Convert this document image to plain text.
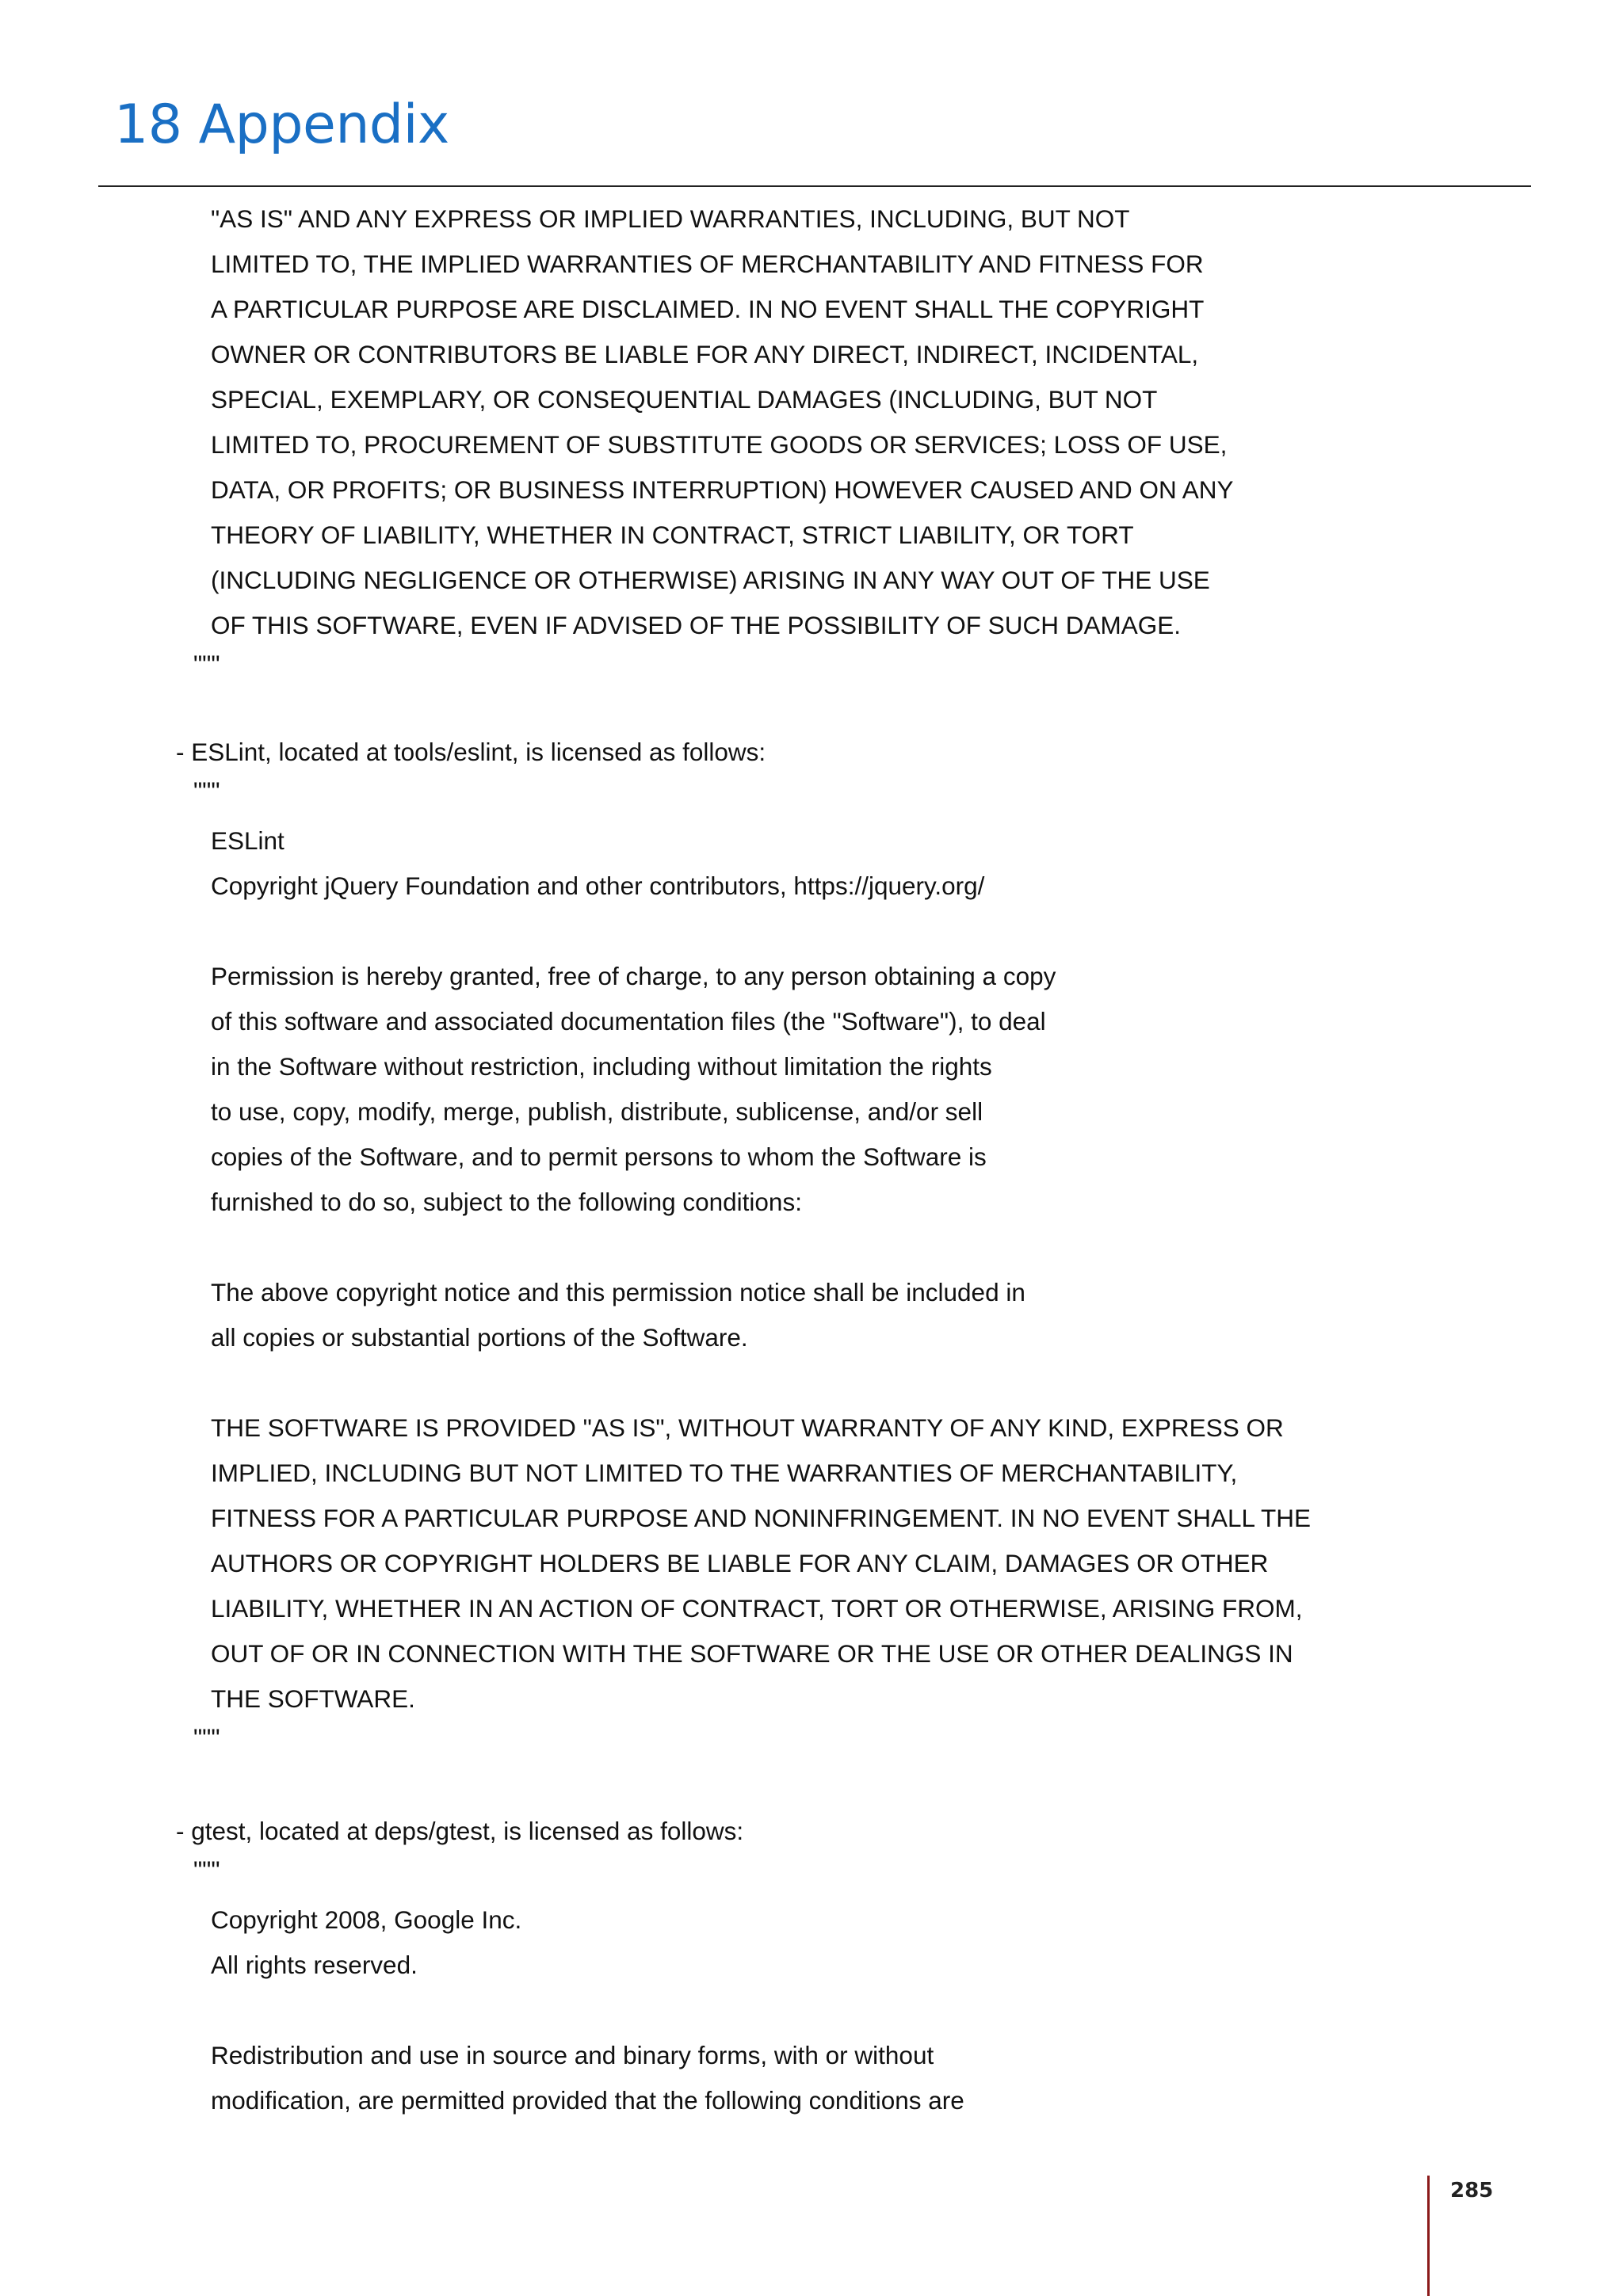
18 Appendix
"AS IS" AND ANY EXPRESS OR IMPLIED WARRANTIES, INCLUDING, BUT NOT
LIMITED TO, THE IMPLIED WARRANTIES OF MERCHANTABILITY AND FITNESS FOR
A PARTICULAR PURPOSE ARE DISCLAIMED. IN NO EVENT SHALL THE COPYRIGHT
OWNER OR CONTRIBUTORS BE LIABLE FOR ANY DIRECT, INDIRECT, INCIDENTAL,
SPECIAL, EXEMPLARY, OR CONSEQUENTIAL DAMAGES (INCLUDING, BUT NOT
LIMITED TO, PROCUREMENT OF SUBSTITUTE GOODS OR SERVICES; LOSS OF USE,
DATA, OR PROFITS; OR BUSINESS INTERRUPTION) HOWEVER CAUSED AND ON ANY
THEORY OF LIABILITY, WHETHER IN CONTRACT, STRICT LIABILITY, OR TORT
(INCLUDING NEGLIGENCE OR OTHERWISE) ARISING IN ANY WAY OUT OF THE USE
OF THIS SOFTWARE, EVEN IF ADVISED OF THE POSSIBILITY OF SUCH DAMAGE.
"""
- ESLint, located at tools/eslint, is licensed as follows:
"""
ESLint
Copyright jQuery Foundation and other contributors, https://jquery.org/
Permission is hereby granted, free of charge, to any person obtaining a copy
of this software and associated documentation files (the "Software"), to deal
in the Software without restriction, including without limitation the rights
to use, copy, modify, merge, publish, distribute, sublicense, and/or sell
copies of the Software, and to permit persons to whom the Software is
furnished to do so, subject to the following conditions:
The above copyright notice and this permission notice shall be included in
all copies or substantial portions of the Software.
THE SOFTWARE IS PROVIDED "AS IS", WITHOUT WARRANTY OF ANY KIND, EXPRESS OR
IMPLIED, INCLUDING BUT NOT LIMITED TO THE WARRANTIES OF MERCHANTABILITY,
FITNESS FOR A PARTICULAR PURPOSE AND NONINFRINGEMENT. IN NO EVENT SHALL THE
AUTHORS OR COPYRIGHT HOLDERS BE LIABLE FOR ANY CLAIM, DAMAGES OR OTHER
LIABILITY, WHETHER IN AN ACTION OF CONTRACT, TORT OR OTHERWISE, ARISING FROM,
OUT OF OR IN CONNECTION WITH THE SOFTWARE OR THE USE OR OTHER DEALINGS IN
THE SOFTWARE.
"""
- gtest, located at deps/gtest, is licensed as follows:
"""
Copyright 2008, Google Inc.
All rights reserved.
Redistribution and use in source and binary forms, with or without
modification, are permitted provided that the following conditions are
285
